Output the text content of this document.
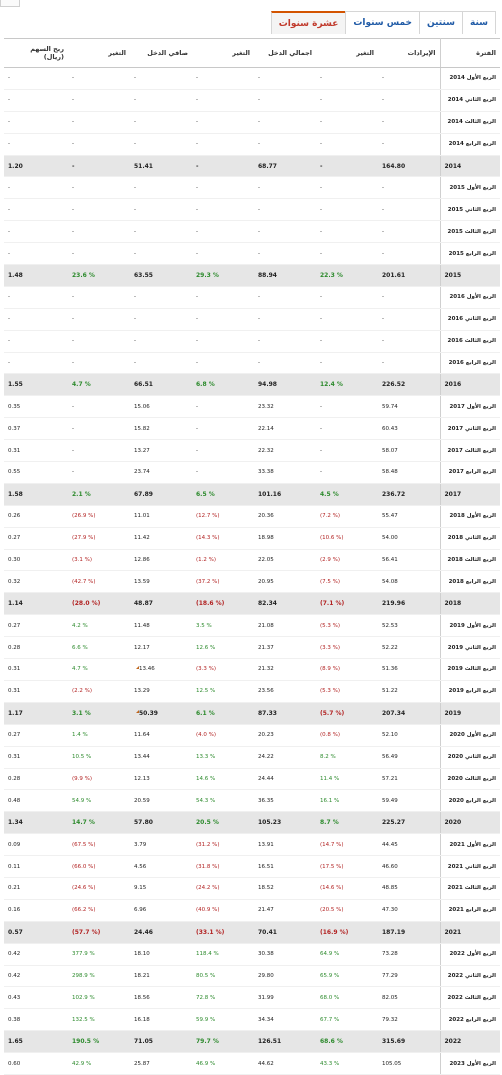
سنة
سنتين
خمس سنوات
عشرة سنوات
الفترة	الإيرادات	التغير	اجمالي الدخل	التغير	صافي الدخل	التغير	ربح السهم (ريال)
الربع الأول 2014	-	-	-	-	-	-	-
الربع الثاني 2014	-	-	-	-	-	-	-
الربع الثالث 2014	-	-	-	-	-	-	-
الربع الرابع 2014	-	-	-	-	-	-	-
2014	164.80	-	68.77	-	51.41	-	1.20
الربع الأول 2015	-	-	-	-	-	-	-
الربع الثاني 2015	-	-	-	-	-	-	-
الربع الثالث 2015	-	-	-	-	-	-	-
الربع الرابع 2015	-	-	-	-	-	-	-
2015	201.61	% 22.3	88.94	% 29.3	63.55	% 23.6	1.48
الربع الأول 2016	-	-	-	-	-	-	-
الربع الثاني 2016	-	-	-	-	-	-	-
الربع الثالث 2016	-	-	-	-	-	-	-
الربع الرابع 2016	-	-	-	-	-	-	-
2016	226.52	% 12.4	94.98	% 6.8	66.51	% 4.7	1.55
الربع الأول 2017	59.74	-	23.32	-	15.06	-	0.35
الربع الثاني 2017	60.43	-	22.14	-	15.82	-	0.37
الربع الثالث 2017	58.07	-	22.32	-	13.27	-	0.31
الربع الرابع 2017	58.48	-	33.38	-	23.74	-	0.55
2017	236.72	% 4.5	101.16	% 6.5	67.89	% 2.1	1.58
الربع الأول 2018	55.47	(% 7.2)	20.36	(% 12.7)	11.01	(% 26.9)	0.26
الربع الثاني 2018	54.00	(% 10.6)	18.98	(% 14.3)	11.42	(% 27.9)	0.27
الربع الثالث 2018	56.41	(% 2.9)	22.05	(% 1.2)	12.86	(% 3.1)	0.30
الربع الرابع 2018	54.08	(% 7.5)	20.95	(% 37.2)	13.59	(% 42.7)	0.32
2018	219.96	(% 7.1)	82.34	(% 18.6)	48.87	(% 28.0)	1.14
الربع الأول 2019	52.53	(% 5.3)	21.08	% 3.5	11.48	% 4.2	0.27
الربع الثاني 2019	52.22	(% 3.3)	21.37	% 12.6	12.17	% 6.6	0.28
الربع الثالث 2019	51.36	(% 8.9)	21.32	(% 3.3)	13.46	% 4.7	0.31
الربع الرابع 2019	51.22	(% 5.3)	23.56	% 12.5	13.29	(% 2.2)	0.31
2019	207.34	(% 5.7)	87.33	% 6.1	50.39	% 3.1	1.17
الربع الأول 2020	52.10	(% 0.8)	20.23	(% 4.0)	11.64	% 1.4	0.27
الربع الثاني 2020	56.49	% 8.2	24.22	% 13.3	13.44	% 10.5	0.31
الربع الثالث 2020	57.21	% 11.4	24.44	% 14.6	12.13	(% 9.9)	0.28
الربع الرابع 2020	59.49	% 16.1	36.35	% 54.3	20.59	% 54.9	0.48
2020	225.27	% 8.7	105.23	% 20.5	57.80	% 14.7	1.34
الربع الأول 2021	44.45	(% 14.7)	13.91	(% 31.2)	3.79	(% 67.5)	0.09
الربع الثاني 2021	46.60	(% 17.5)	16.51	(% 31.8)	4.56	(% 66.0)	0.11
الربع الثالث 2021	48.85	(% 14.6)	18.52	(% 24.2)	9.15	(% 24.6)	0.21
الربع الرابع 2021	47.30	(% 20.5)	21.47	(% 40.9)	6.96	(% 66.2)	0.16
2021	187.19	(% 16.9)	70.41	(% 33.1)	24.46	(% 57.7)	0.57
الربع الأول 2022	73.28	% 64.9	30.38	% 118.4	18.10	% 377.9	0.42
الربع الثاني 2022	77.29	% 65.9	29.80	% 80.5	18.21	% 298.9	0.42
الربع الثالث 2022	82.05	% 68.0	31.99	% 72.8	18.56	% 102.9	0.43
الربع الرابع 2022	79.32	% 67.7	34.34	% 59.9	16.18	% 132.5	0.38
2022	315.69	% 68.6	126.51	% 79.7	71.05	% 190.5	1.65
الربع الأول 2023	105.05	% 43.3	44.62	% 46.9	25.87	% 42.9	0.60
